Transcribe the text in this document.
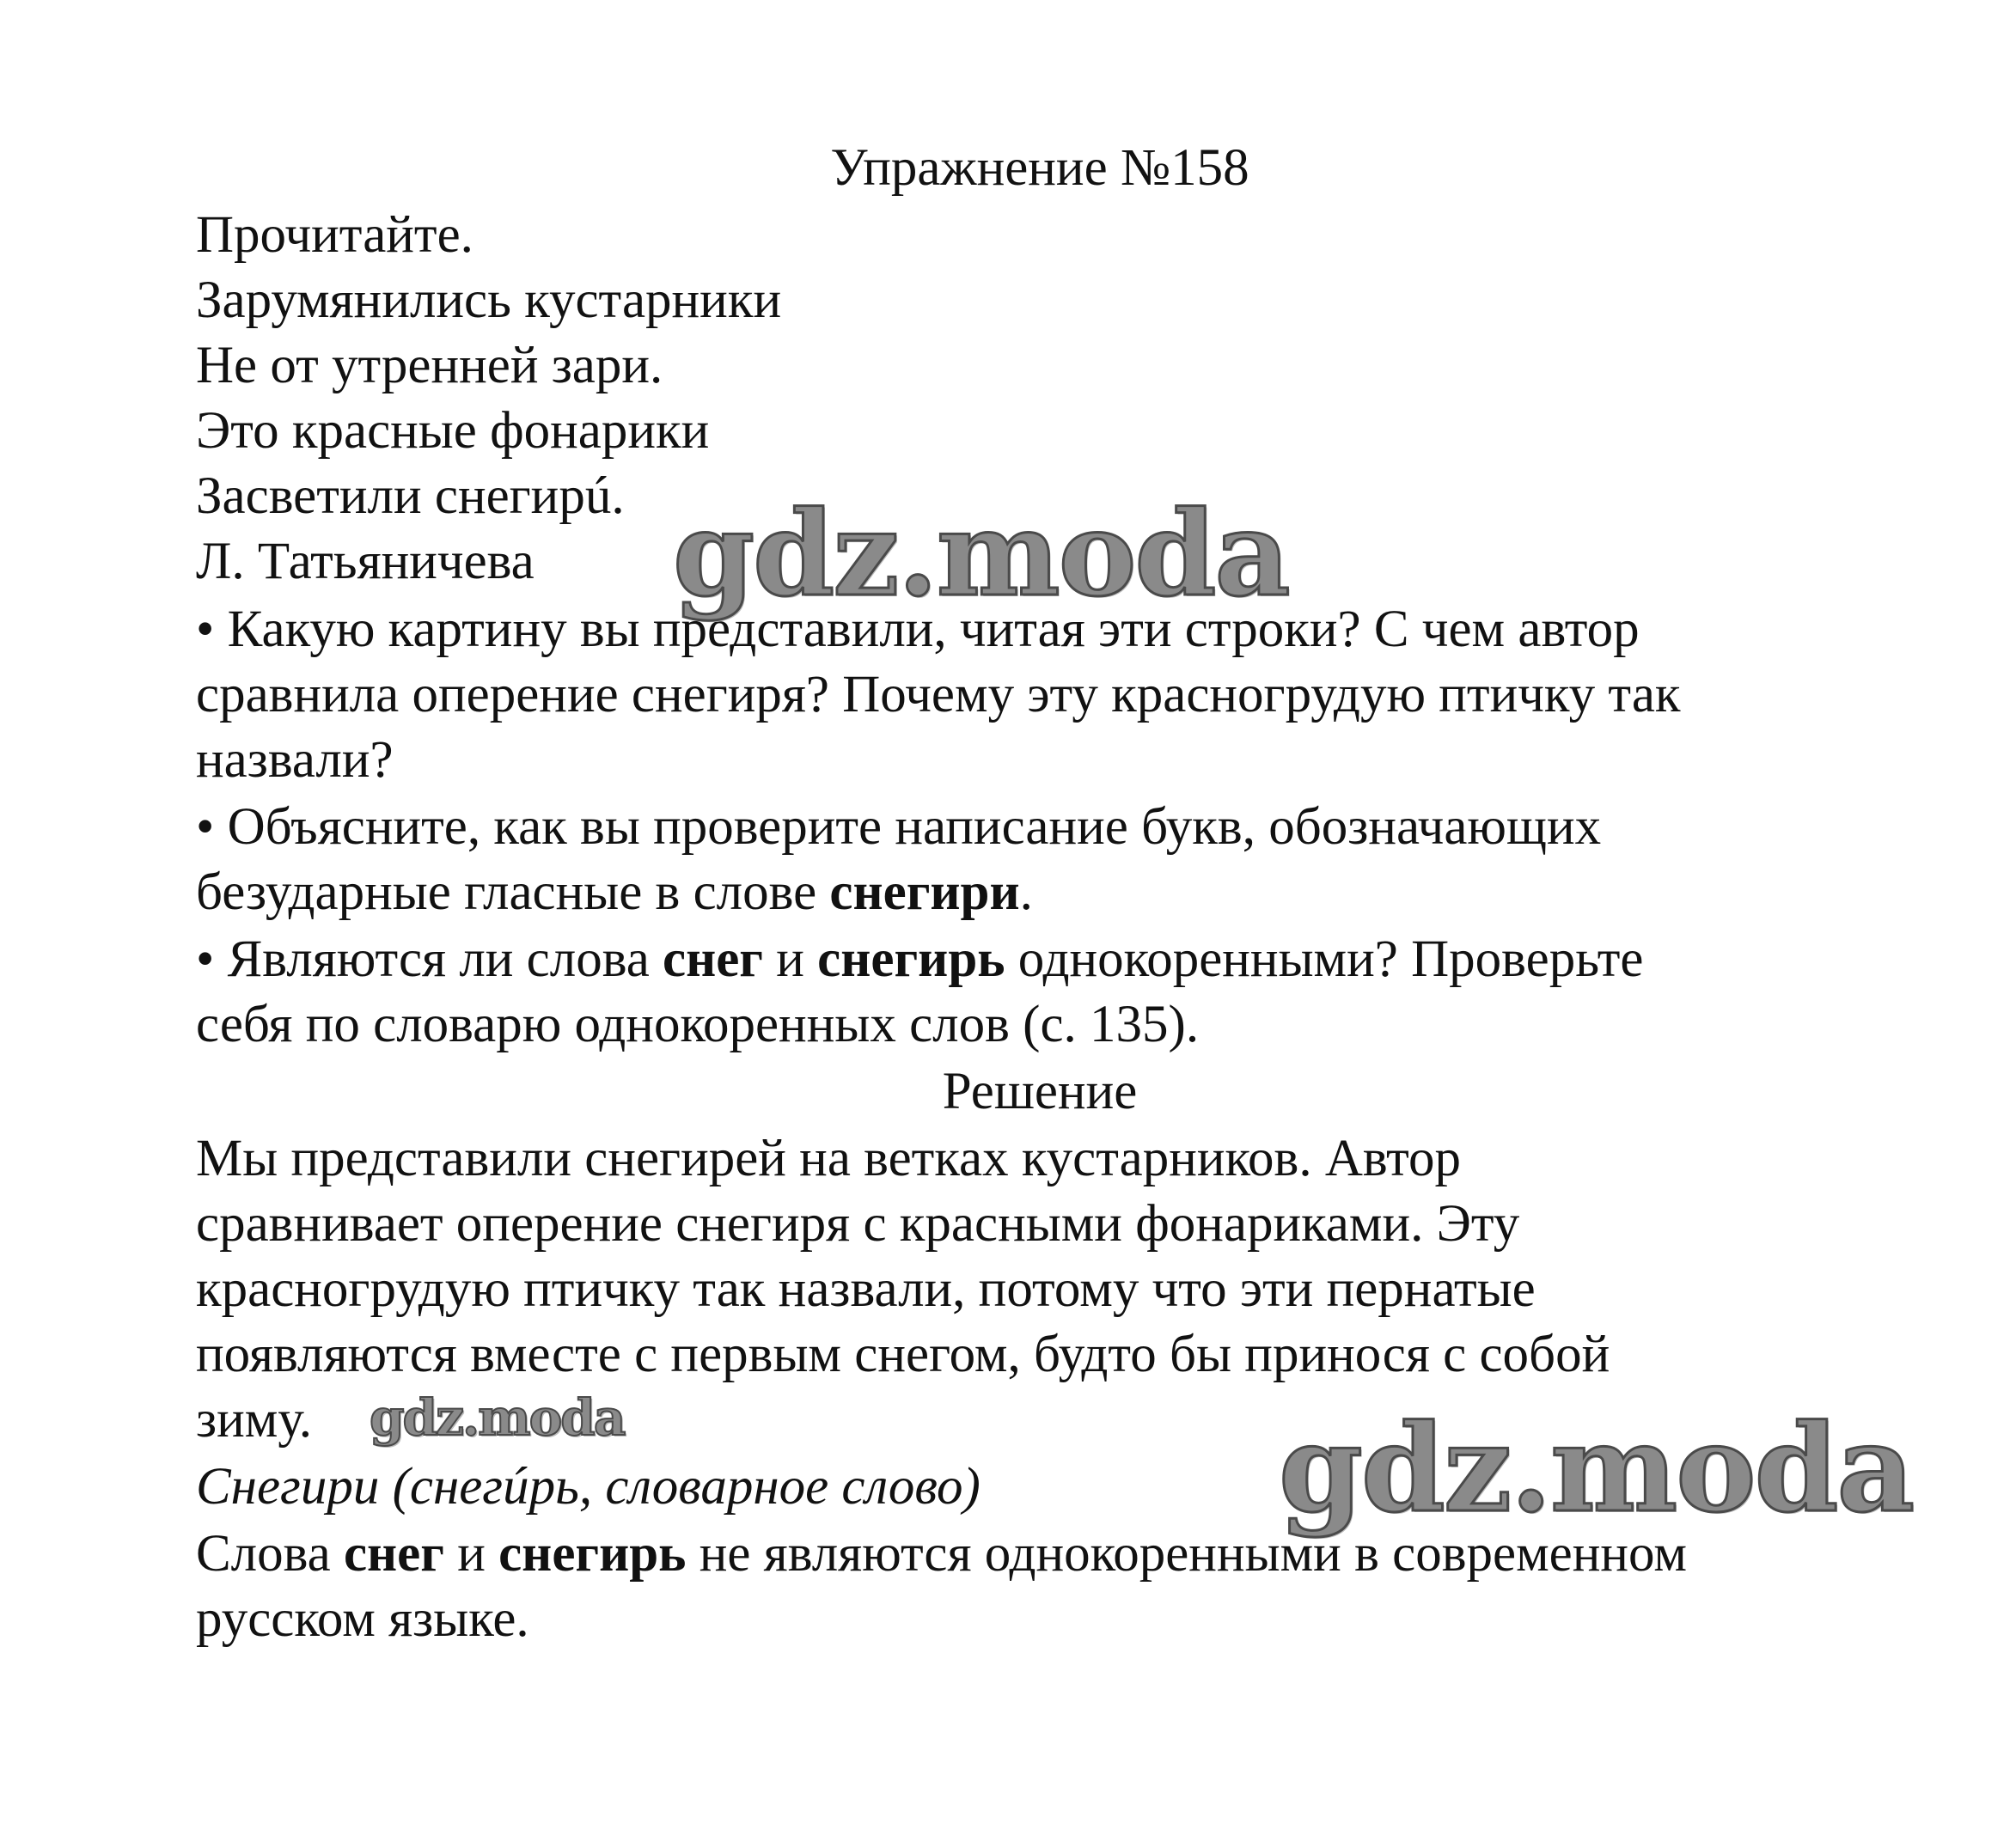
Упражнение №158
Прочитайте.
Зарумянились кустарники
Не от утренней зари.
Это красные фонарики
Засветили снегирú.
Л. Татьяничева
• Какую картину вы представили, читая эти строки? С чем автор
сравнила оперение снегиря? Почему эту красногрудую птичку так
назвали?
• Объясните, как вы проверите написание букв, обозначающих
безударные гласные в слове снегири.
• Являются ли слова снег и снегирь однокоренными? Проверьте
себя по словарю однокоренных слов (с. 135).
Решение
Мы представили снегирей на ветках кустарников. Автор
сравнивает оперение снегиря с красными фонариками. Эту
красногрудую птичку так назвали, потому что эти пернатые
появляются вместе с первым снегом, будто бы принося с собой
зиму.
Снегири (снегúрь, словарное слово)
Слова снег и снегирь не являются однокоренными в современном
русском языке.
gdz.moda
gdz.moda	gdz.moda
